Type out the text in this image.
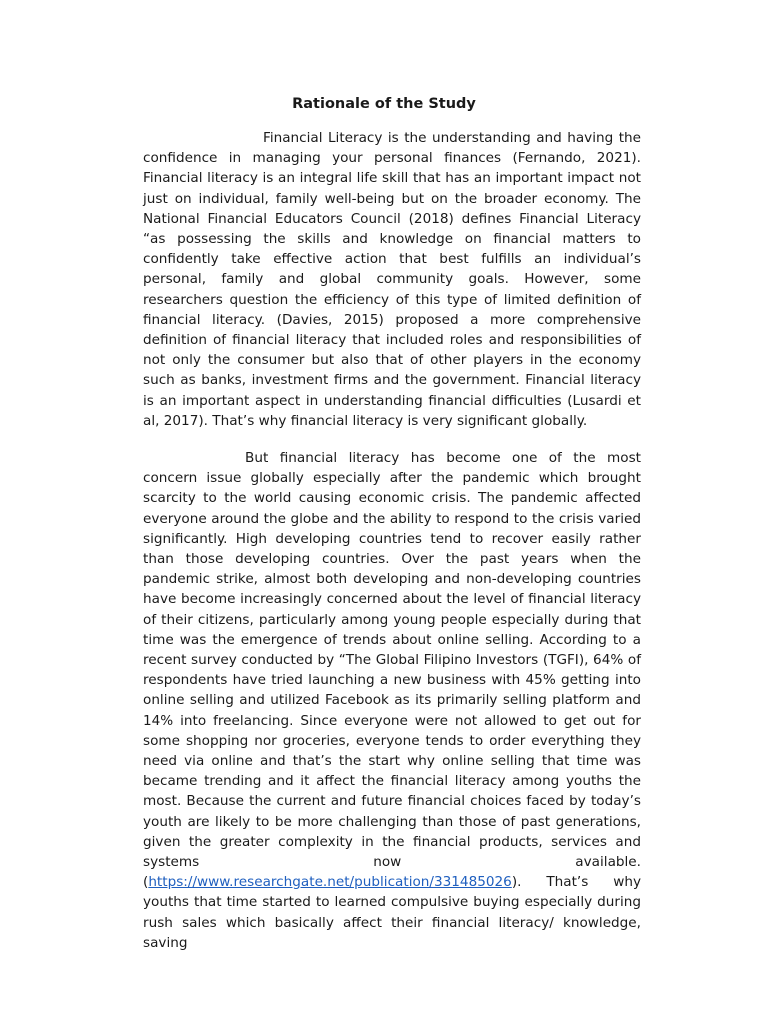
Rationale of the Study

Financial Literacy is the understanding and having the confidence in managing your personal finances (Fernando, 2021). Financial literacy is an integral life skill that has an important impact not just on individual, family well-being but on the broader economy. The National Financial Educators Council (2018) defines Financial Literacy “as possessing the skills and knowledge on financial matters to confidently take effective action that best fulfills an individual’s personal, family and global community goals. However, some researchers question the efficiency of this type of limited definition of financial literacy. (Davies, 2015) proposed a more comprehensive definition of financial literacy that included roles and responsibilities of not only the consumer but also that of other players in the economy such as banks, investment firms and the government. Financial literacy is an important aspect in understanding financial difficulties (Lusardi et al, 2017). That’s why financial literacy is very significant globally.

But financial literacy has become one of the most concern issue globally especially after the pandemic which brought scarcity to the world causing economic crisis. The pandemic affected everyone around the globe and the ability to respond to the crisis varied significantly. High developing countries tend to recover easily rather than those developing countries. Over the past years when the pandemic strike, almost both developing and non-developing countries have become increasingly concerned about the level of financial literacy of their citizens, particularly among young people especially during that time was the emergence of trends about online selling. According to a recent survey conducted by “The Global Filipino Investors (TGFI), 64% of respondents have tried launching a new business with 45% getting into online selling and utilized Facebook as its primarily selling platform and 14% into freelancing. Since everyone were not allowed to get out for some shopping nor groceries, everyone tends to order everything they need via online and that’s the start why online selling that time was became trending and it affect the financial literacy among youths the most. Because the current and future financial choices faced by today’s youth are likely to be more challenging than those of past generations, given the greater complexity in the financial products, services and systems now available. (https://www.researchgate.net/publication/331485026). That’s why youths that time started to learned compulsive buying especially during rush sales which basically affect their financial literacy/ knowledge, saving
